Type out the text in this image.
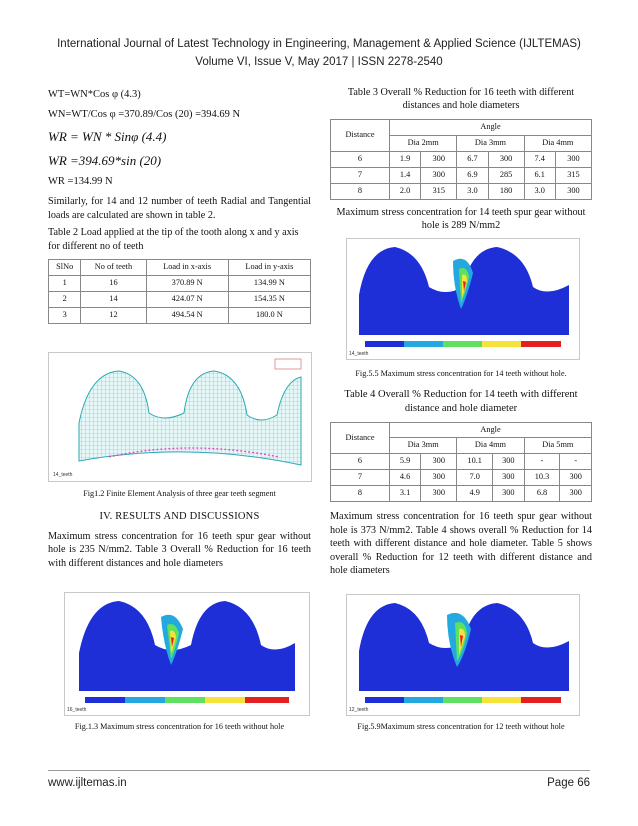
International Journal of Latest Technology in Engineering, Management & Applied Science (IJLTEMAS)
Volume VI, Issue V, May 2017 | ISSN 2278-2540

WT=WN*Cos φ (4.3)

WN=WT/Cos φ =370.89/Cos (20) =394.69 N

WR = WN * Sinφ (4.4)

WR =394.69*sin (20)

WR =134.99 N

Similarly, for 14 and 12 number of teeth Radial and Tangential loads are calculated are shown in table 2.

Table 2 Load applied at the tip of the tooth along x and y axis for different no of teeth

SlNo	No of teeth	Load in x-axis	Load in y-axis
1	16	370.89 N	134.99 N
2	14	424.07 N	154.35 N
3	12	494.54 N	180.0 N
14_teeth

Fig1.2 Finite Element Analysis of three gear teeth segment

IV. RESULTS AND DISCUSSIONS

Maximum stress concentration for 16 teeth spur gear without hole is 235 N/mm2. Table 3 Overall % Reduction for 16 teeth with different distances and hole diameters

16_teeth

Fig.1.3 Maximum stress concentration for 16 teeth without hole

Table 3 Overall % Reduction for 16 teeth with different distances and hole diameters

Distance	Angle					
	Dia 2mm		Dia 3mm		Dia 4mm	
6	1.9	300	6.7	300	7.4	300
7	1.4	300	6.9	285	6.1	315
8	2.0	315	3.0	180	3.0	300

Maximum stress concentration for 14 teeth spur gear without hole is 289 N/mm2

14_teeth

Fig.5.5 Maximum stress concentration for 14 teeth without hole.

Table 4 Overall % Reduction for 14 teeth with different distance and hole diameter

Distance	Angle					
	Dia 3mm		Dia 4mm		Dia 5mm	
6	5.9	300	10.1	300	-	-
7	4.6	300	7.0	300	10.3	300
8	3.1	300	4.9	300	6.8	300

Maximum stress concentration for 16 teeth spur gear without hole is 373 N/mm2. Table 4 shows overall % Reduction for 14 teeth with different distance and hole diameter. Table 5 shows overall % Reduction for 12 teeth with different distance and hole diameters

12_teeth

Fig.5.9Maximum stress concentration for 12 teeth without hole

www.ijltemas.in	Page 66
